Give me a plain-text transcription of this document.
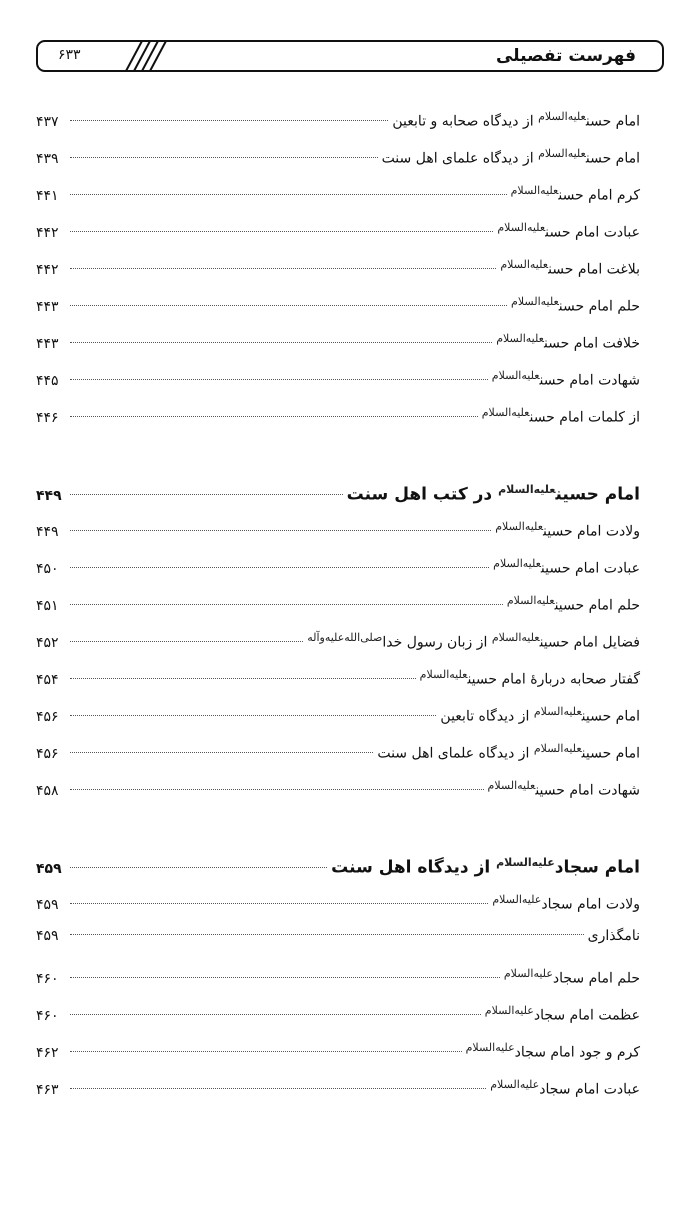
فهرست تفصیلی
۶۳۳
امام حسن$^{عليه‌السلام}$ از دیدگاه صحابه و تابعین
۴۳۷
امام حسن$^{عليه‌السلام}$ از دیدگاه علمای اهل سنت
۴۳۹
کرم امام حسن$^{عليه‌السلام}$
۴۴۱
عبادت امام حسن$^{عليه‌السلام}$
۴۴۲
بلاغت امام حسن$^{عليه‌السلام}$
۴۴۲
حلم امام حسن$^{عليه‌السلام}$
۴۴۳
خلافت امام حسن$^{عليه‌السلام}$
۴۴۳
شهادت امام حسن$^{عليه‌السلام}$
۴۴۵
از کلمات امام حسن$^{عليه‌السلام}$
۴۴۶
امام حسین$^{عليه‌السلام}$ در کتب اهل سنت
۴۴۹
ولادت امام حسین$^{عليه‌السلام}$
۴۴۹
عبادت امام حسین$^{عليه‌السلام}$
۴۵۰
حلم امام حسین$^{عليه‌السلام}$
۴۵۱
فضایل امام حسین$^{عليه‌السلام}$ از زبان رسول خدا$^{صلى‌الله‌عليه‌وآله}$
۴۵۲
گفتار صحابه دربارهٔ امام حسین$^{عليه‌السلام}$
۴۵۴
امام حسین$^{عليه‌السلام}$ از دیدگاه تابعین
۴۵۶
امام حسین$^{عليه‌السلام}$ از دیدگاه علمای اهل سنت
۴۵۶
شهادت امام حسین$^{عليه‌السلام}$
۴۵۸
امام سجاد$^{عليه‌السلام}$ از دیدگاه اهل سنت
۴۵۹
ولادت امام سجاد$^{عليه‌السلام}$
۴۵۹
نامگذاری
۴۵۹
حلم امام سجاد$^{عليه‌السلام}$
۴۶۰
عظمت امام سجاد$^{عليه‌السلام}$
۴۶۰
کرم و جود امام سجاد$^{عليه‌السلام}$
۴۶۲
عبادت امام سجاد$^{عليه‌السلام}$
۴۶۳
